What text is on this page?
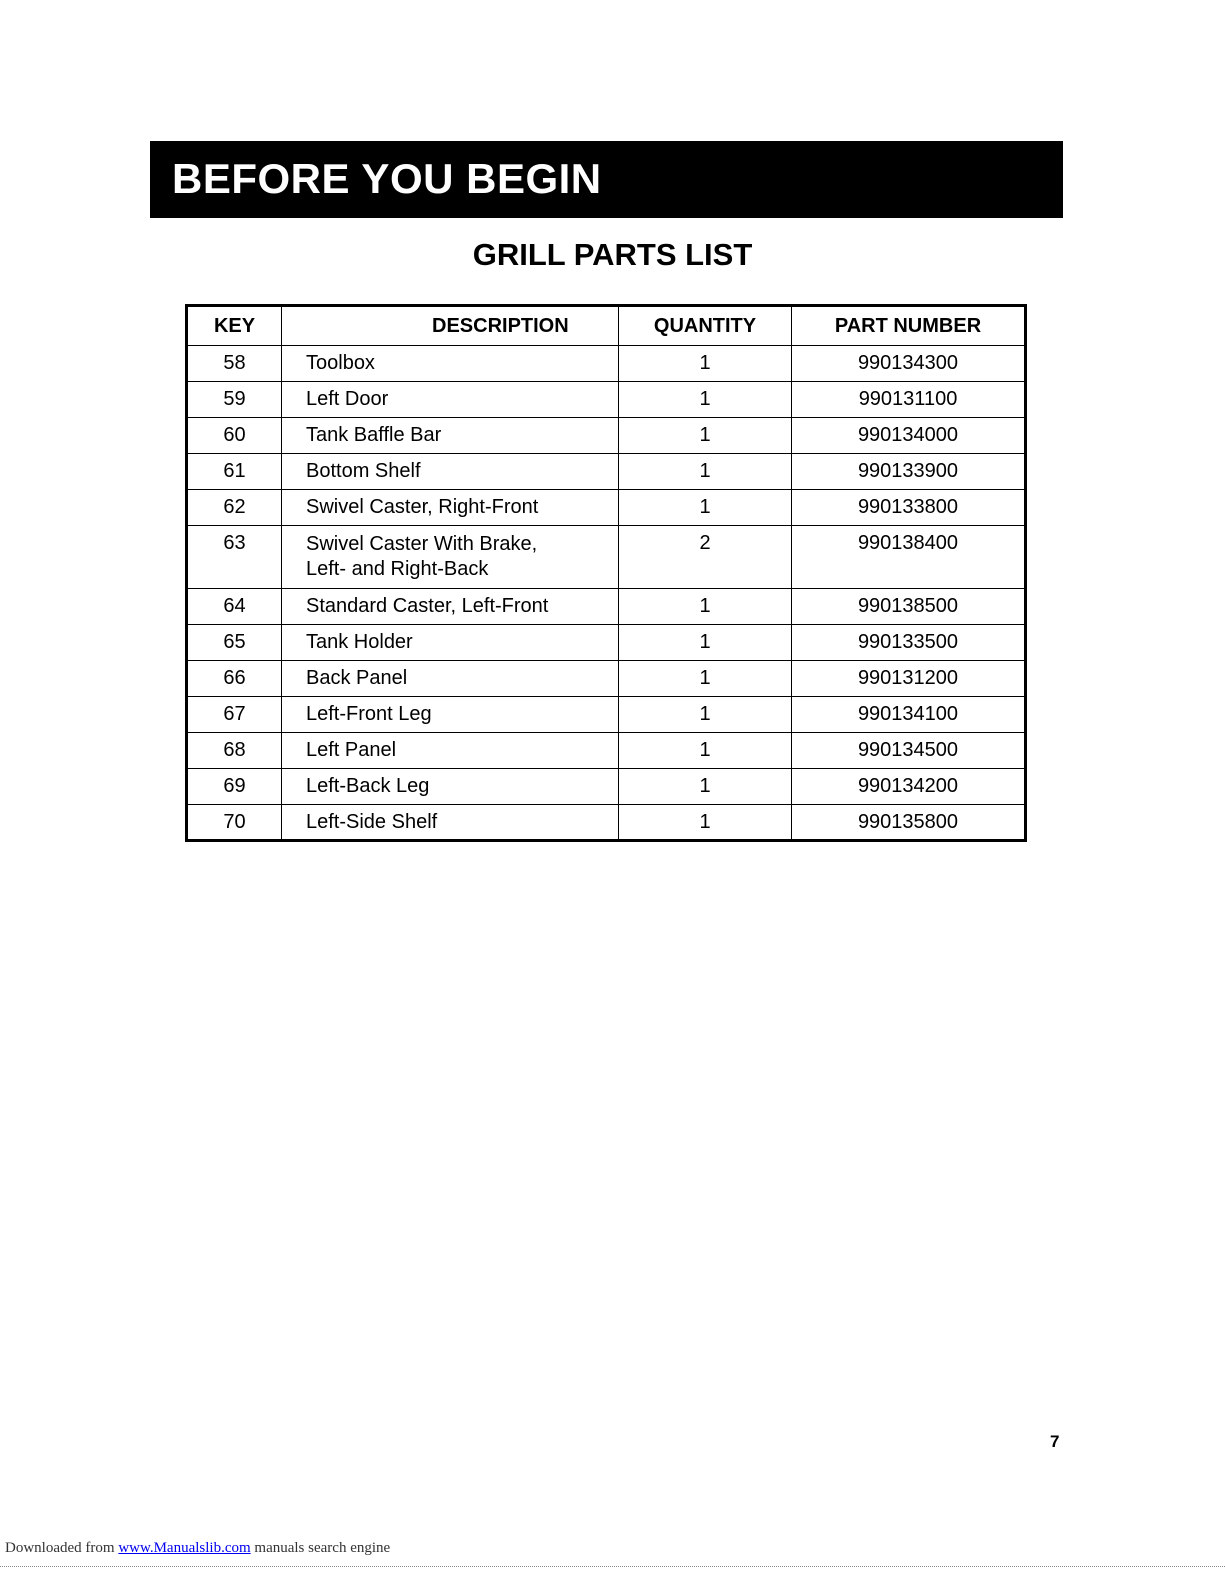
BEFORE YOU BEGIN
GRILL PARTS LIST
KEY	DESCRIPTION	QUANTITY	PART NUMBER
58	Toolbox	1	990134300
59	Left Door	1	990131100
60	Tank Baffle Bar	1	990134000
61	Bottom Shelf	1	990133900
62	Swivel Caster, Right-Front	1	990133800
63	Swivel Caster With Brake,
Left- and Right-Back	2	990138400
64	Standard Caster, Left-Front	1	990138500
65	Tank Holder	1	990133500
66	Back Panel	1	990131200
67	Left-Front Leg	1	990134100
68	Left Panel	1	990134500
69	Left-Back Leg	1	990134200
70	Left-Side Shelf	1	990135800
7
Downloaded from www.Manualslib.com manuals search engine
